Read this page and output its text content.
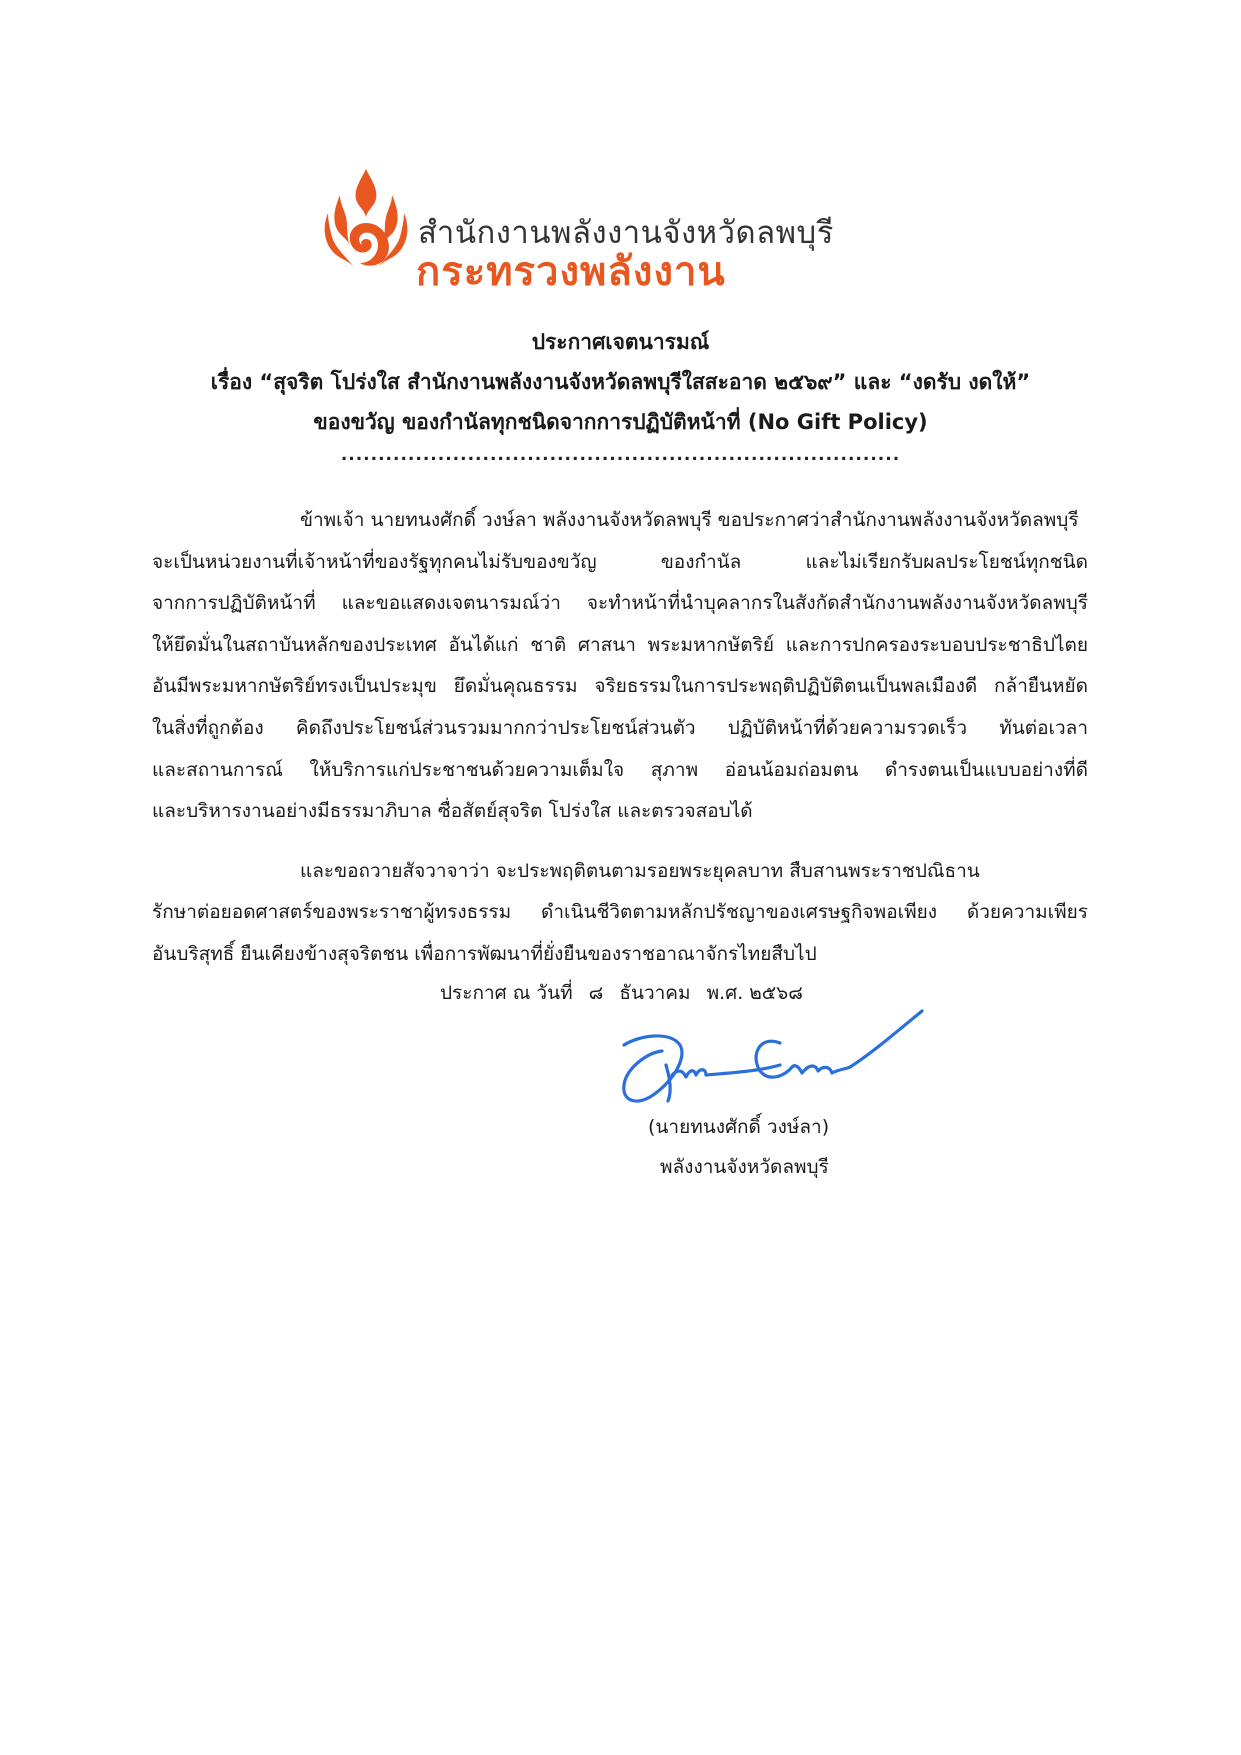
สำนักงานพลังงานจังหวัดลพบุรี
กระทรวงพลังงาน
ประกาศเจตนารมณ์
เรื่อง “สุจริต โปร่งใส สำนักงานพลังงานจังหวัดลพบุรีใสสะอาด ๒๕๖๙” และ “งดรับ งดให้”
ของขวัญ ของกำนัลทุกชนิดจากการปฏิบัติหน้าที่ (No Gift Policy)
...........................................................................

ข้าพเจ้า นายทนงศักดิ์ วงษ์ลา พลังงานจังหวัดลพบุรี ขอประกาศว่าสำนักงานพลังงานจังหวัดลพบุรี
จะเป็นหน่วยงานที่เจ้าหน้าที่ของรัฐทุกคนไม่รับของขวัญ ของกำนัล และไม่เรียกรับผลประโยชน์ทุกชนิด
จากการปฏิบัติหน้าที่ และขอแสดงเจตนารมณ์ว่า จะทำหน้าที่นำบุคลากรในสังกัดสำนักงานพลังงานจังหวัดลพบุรี
ให้ยึดมั่นในสถาบันหลักของประเทศ อันได้แก่ ชาติ ศาสนา พระมหากษัตริย์ และการปกครองระบอบประชาธิปไตย
อันมีพระมหากษัตริย์ทรงเป็นประมุข ยึดมั่นคุณธรรม จริยธรรมในการประพฤติปฏิบัติตนเป็นพลเมืองดี กล้ายืนหยัด
ในสิ่งที่ถูกต้อง คิดถึงประโยชน์ส่วนรวมมากกว่าประโยชน์ส่วนตัว ปฏิบัติหน้าที่ด้วยความรวดเร็ว ทันต่อเวลา
และสถานการณ์ ให้บริการแก่ประชาชนด้วยความเต็มใจ สุภาพ อ่อนน้อมถ่อมตน ดำรงตนเป็นแบบอย่างที่ดี
และบริหารงานอย่างมีธรรมาภิบาล ซื่อสัตย์สุจริต โปร่งใส และตรวจสอบได้

และขอถวายสัจวาจาว่า จะประพฤติตนตามรอยพระยุคลบาท สืบสานพระราชปณิธาน
รักษาต่อยอดศาสตร์ของพระราชาผู้ทรงธรรม ดำเนินชีวิตตามหลักปรัชญาของเศรษฐกิจพอเพียง ด้วยความเพียร
อันบริสุทธิ์ ยืนเคียงข้างสุจริตชน เพื่อการพัฒนาที่ยั่งยืนของราชอาณาจักรไทยสืบไป

ประกาศ ณ วันที่ ๘ ธันวาคม พ.ศ. ๒๕๖๘
(นายทนงศักดิ์ วงษ์ลา)
พลังงานจังหวัดลพบุรี
